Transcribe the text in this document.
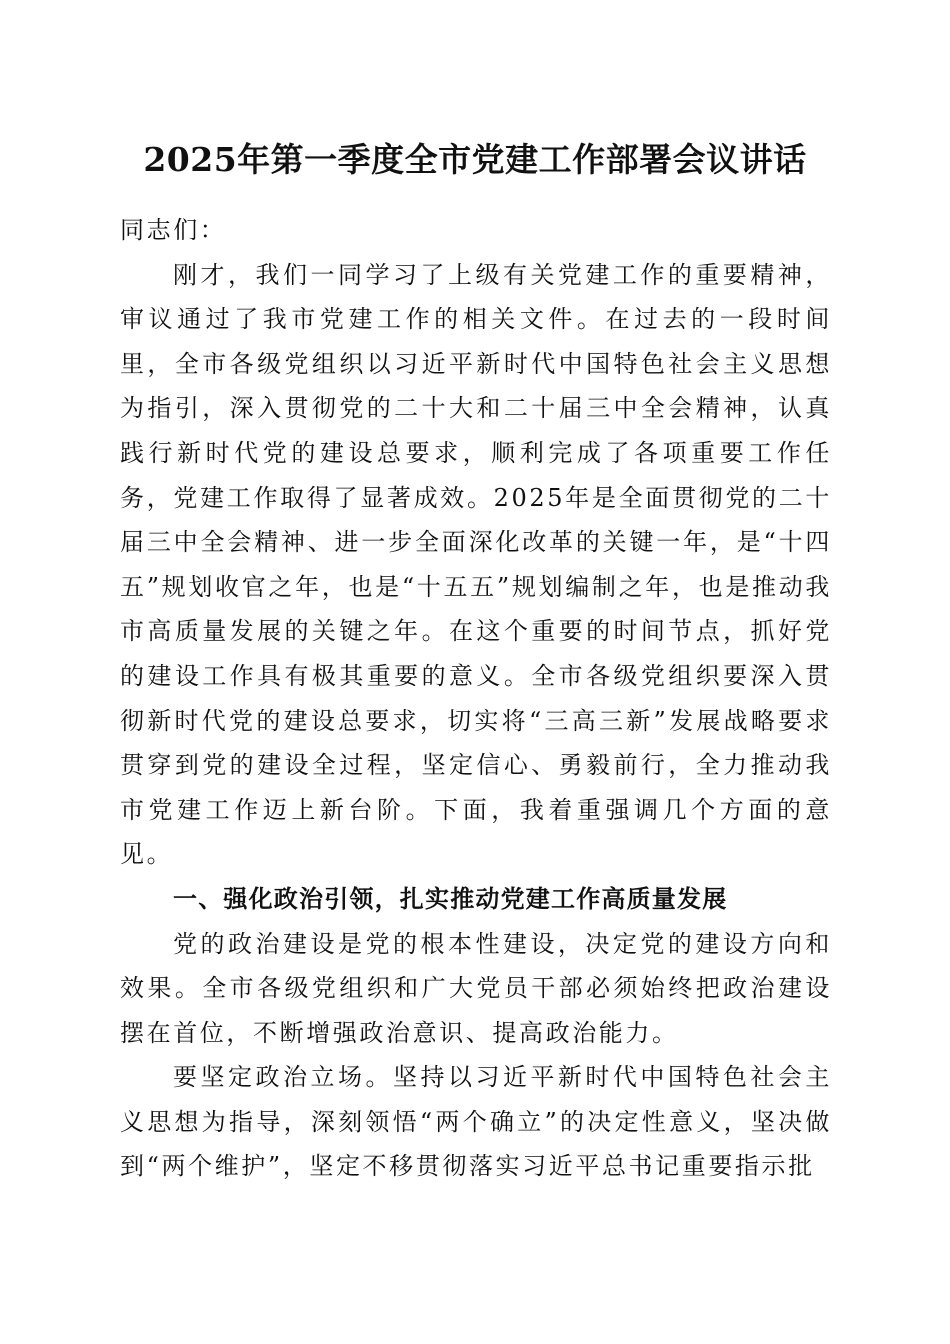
2025年第一季度全市党建工作部署会议讲话

同志们：

刚才，我们一同学习了上级有关党建工作的重要精神，审议通过了我市党建工作的相关文件。在过去的一段时间里，全市各级党组织以习近平新时代中国特色社会主义思想为指引，深入贯彻党的二十大和二十届三中全会精神，认真践行新时代党的建设总要求，顺利完成了各项重要工作任务，党建工作取得了显著成效。2025年是全面贯彻党的二十届三中全会精神、进一步全面深化改革的关键一年，是“十四五”规划收官之年，也是“十五五”规划编制之年，也是推动我市高质量发展的关键之年。在这个重要的时间节点，抓好党的建设工作具有极其重要的意义。全市各级党组织要深入贯彻新时代党的建设总要求，切实将“三高三新”发展战略要求贯穿到党的建设全过程，坚定信心、勇毅前行，全力推动我市党建工作迈上新台阶。下面，我着重强调几个方面的意见。

一、强化政治引领，扎实推动党建工作高质量发展

党的政治建设是党的根本性建设，决定党的建设方向和效果。全市各级党组织和广大党员干部必须始终把政治建设摆在首位，不断增强政治意识、提高政治能力。

要坚定政治立场。坚持以习近平新时代中国特色社会主义思想为指导，深刻领悟“两个确立”的决定性意义，坚决做到“两个维护”，坚定不移贯彻落实习近平总书记重要指示批
